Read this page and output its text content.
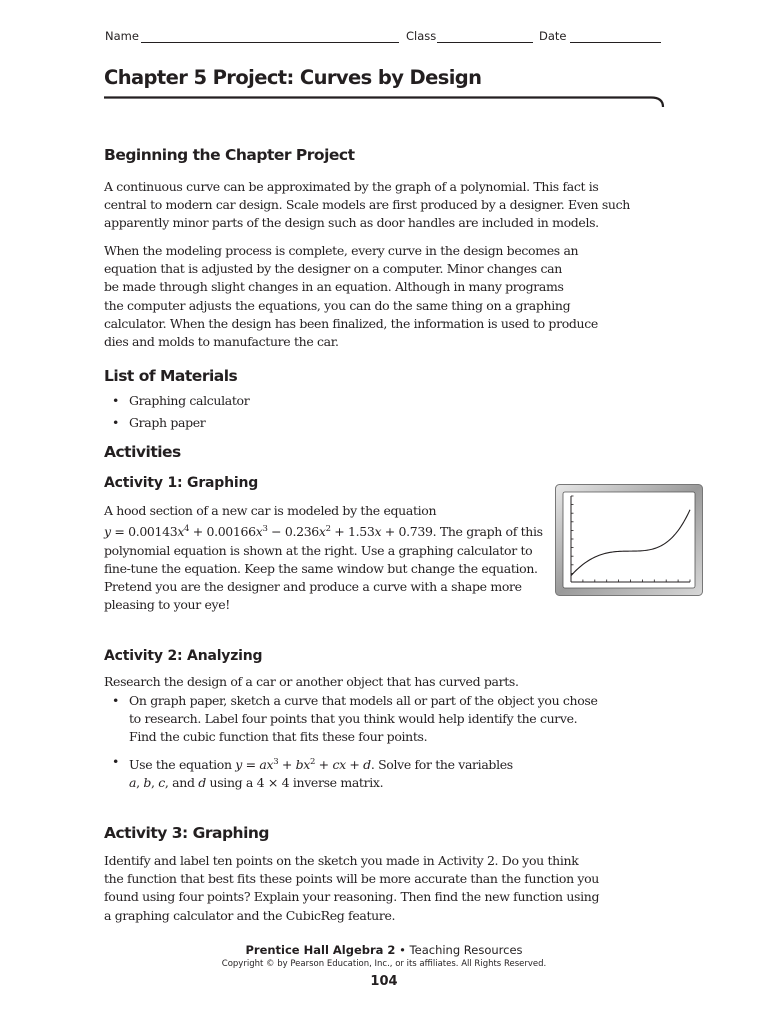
Name	Class	Date
Chapter 5 Project: Curves by Design
Beginning the Chapter Project

A continuous curve can be approximated by the graph of a polynomial. This fact is
central to modern car design. Scale models are first produced by a designer. Even such
apparently minor parts of the design such as door handles are included in models.

When the modeling process is complete, every curve in the design becomes an
equation that is adjusted by the designer on a computer. Minor changes can
be made through slight changes in an equation. Although in many programs
the computer adjusts the equations, you can do the same thing on a graphing
calculator. When the design has been finalized, the information is used to produce
dies and molds to manufacture the car.

List of Materials

• Graphing calculator

• Graph paper

Activities
Activity 1: Graphing

A hood section of a new car is modeled by the equation
$y = 0.00143x^4 + 0.00166x^3 - 0.236x^2 + 1.53x + 0.739$. The graph of this
polynomial equation is shown at the right. Use a graphing calculator to
fine-tune the equation. Keep the same window but change the equation.
Pretend you are the designer and produce a curve with a shape more
pleasing to your eye!

Activity 2: Analyzing

Research the design of a car or another object that has curved parts.

• On graph paper, sketch a curve that models all or part of the object you chose
to research. Label four points that you think would help identify the curve.
Find the cubic function that fits these four points.

• Use the equation $y = ax^3 + bx^2$ + cx + d. Solve for the variables
a, b, c, and d using a 4 × 4 inverse matrix.

Activity 3: Graphing

Identify and label ten points on the sketch you made in Activity 2. Do you think
the function that best fits these points will be more accurate than the function you
found using four points? Explain your reasoning. Then find the new function using
a graphing calculator and the CubicReg feature.

Prentice Hall Algebra 2 • Teaching Resources
Copyright © by Pearson Education, Inc., or its affiliates. All Rights Reserved.
104
